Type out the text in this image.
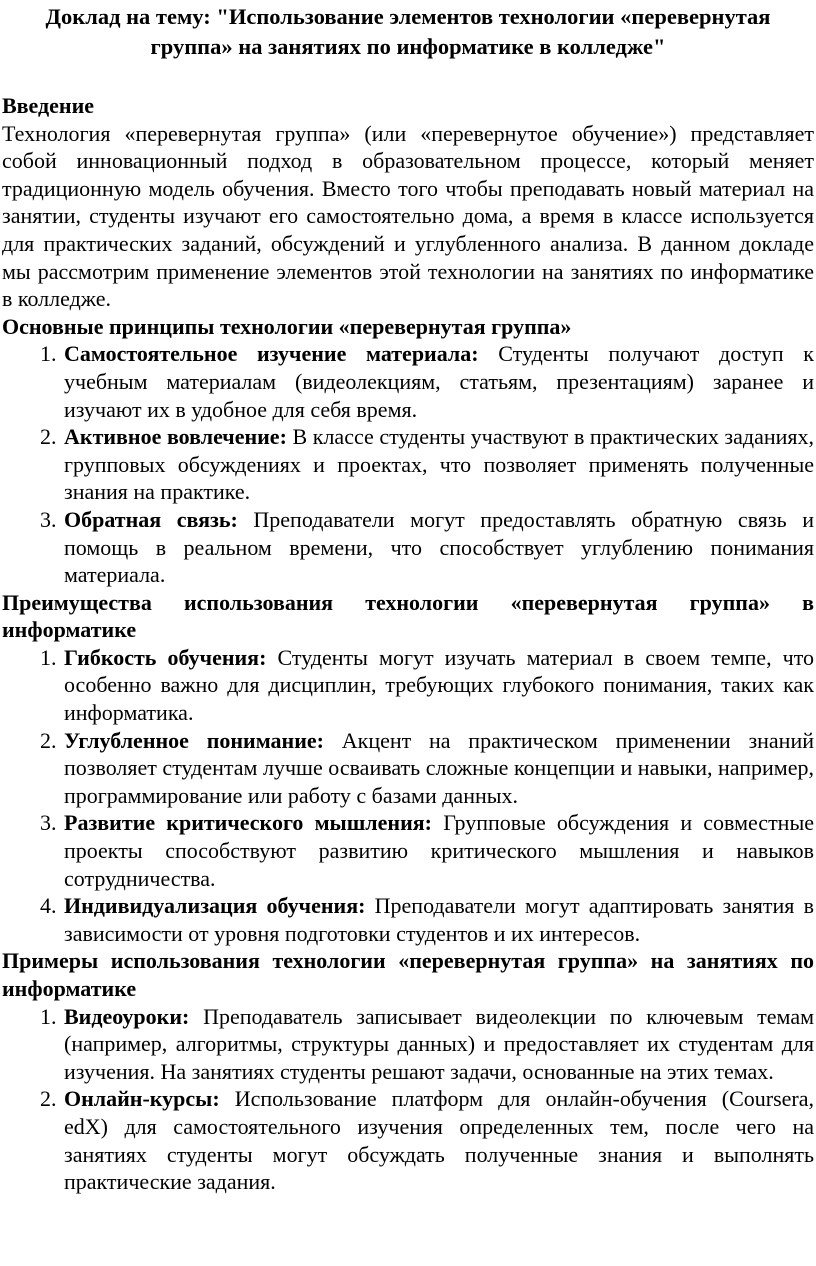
Доклад на тему: "Использование элементов технологии «перевернутая группа» на занятиях по информатике в колледже"
Введение

Технология «перевернутая группа» (или «перевернутое обучение») представляет собой инновационный подход в образовательном процессе, который меняет традиционную модель обучения. Вместо того чтобы преподавать новый материал на занятии, студенты изучают его самостоятельно дома, а время в классе используется для практических заданий, обсуждений и углубленного анализа. В данном докладе мы рассмотрим применение элементов этой технологии на занятиях по информатике в колледже.

Основные принципы технологии «перевернутая группа»
1. Самостоятельное изучение материала: Студенты получают доступ к учебным материалам (видеолекциям, статьям, презентациям) заранее и изучают их в удобное для себя время.
2. Активное вовлечение: В классе студенты участвуют в практических заданиях, групповых обсуждениях и проектах, что позволяет применять полученные знания на практике.
3. Обратная связь: Преподаватели могут предоставлять обратную связь и помощь в реальном времени, что способствует углублению понимания материала.
Преимущества использования технологии «перевернутая группа» в информатике
1. Гибкость обучения: Студенты могут изучать материал в своем темпе, что особенно важно для дисциплин, требующих глубокого понимания, таких как информатика.
2. Углубленное понимание: Акцент на практическом применении знаний позволяет студентам лучше осваивать сложные концепции и навыки, например, программирование или работу с базами данных.
3. Развитие критического мышления: Групповые обсуждения и совместные проекты способствуют развитию критического мышления и навыков сотрудничества.
4. Индивидуализация обучения: Преподаватели могут адаптировать занятия в зависимости от уровня подготовки студентов и их интересов.
Примеры использования технологии «перевернутая группа» на занятиях по информатике
1. Видеоуроки: Преподаватель записывает видеолекции по ключевым темам (например, алгоритмы, структуры данных) и предоставляет их студентам для изучения. На занятиях студенты решают задачи, основанные на этих темах.
2. Онлайн-курсы: Использование платформ для онлайн-обучения (Coursera, edX) для самостоятельного изучения определенных тем, после чего на занятиях студенты могут обсуждать полученные знания и выполнять практические задания.
